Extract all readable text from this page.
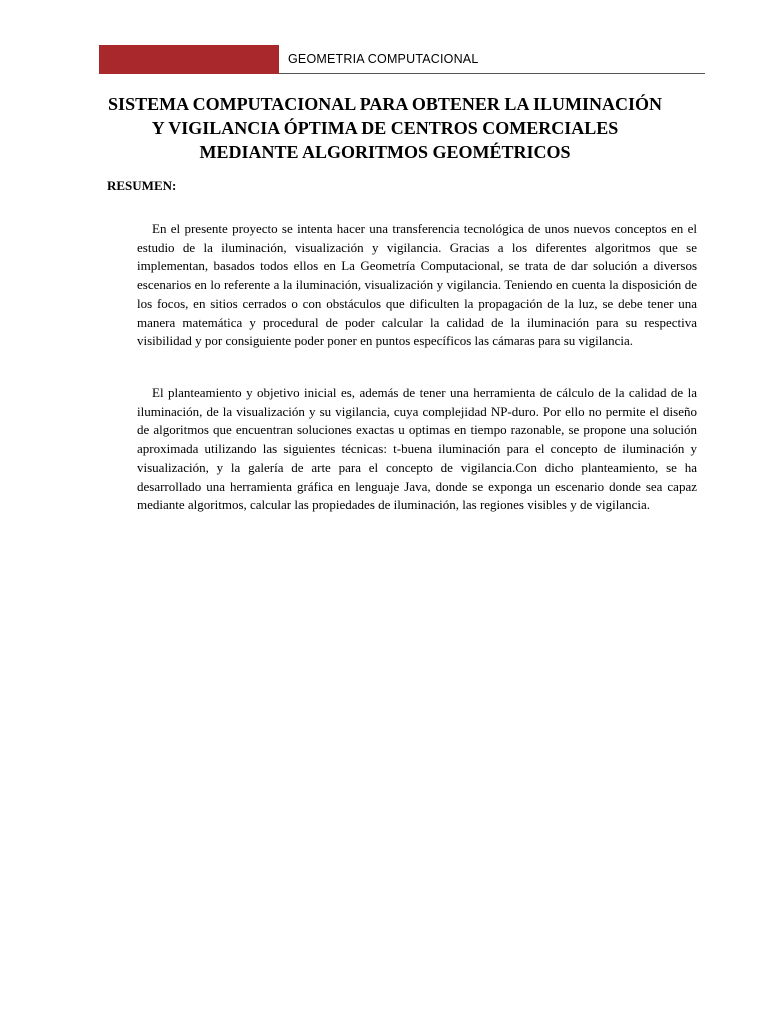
GEOMETRIA COMPUTACIONAL
SISTEMA COMPUTACIONAL PARA OBTENER LA ILUMINACIÓN Y VIGILANCIA ÓPTIMA DE CENTROS COMERCIALES MEDIANTE ALGORITMOS GEOMÉTRICOS
RESUMEN:

En el presente proyecto se intenta hacer una transferencia tecnológica de unos nuevos conceptos en el estudio de la iluminación, visualización y vigilancia. Gracias a los diferentes algoritmos que se implementan, basados todos ellos en La Geometría Computacional, se trata de dar solución a diversos escenarios en lo referente a la iluminación, visualización y vigilancia. Teniendo en cuenta la disposición de los focos, en sitios cerrados o con obstáculos que dificulten la propagación de la luz, se debe tener una manera matemática y procedural de poder calcular la calidad de la iluminación para su respectiva visibilidad y por consiguiente poder poner en puntos específicos las cámaras para su vigilancia.

El planteamiento y objetivo inicial es, además de tener una herramienta de cálculo de la calidad de la iluminación, de la visualización y su vigilancia, cuya complejidad NP-duro. Por ello no permite el diseño de algoritmos que encuentran soluciones exactas u optimas en tiempo razonable, se propone una solución aproximada utilizando las siguientes técnicas: t-buena iluminación para el concepto de iluminación y visualización, y la galería de arte para el concepto de vigilancia.Con dicho planteamiento, se ha desarrollado una herramienta gráfica en lenguaje Java, donde se exponga un escenario donde sea capaz mediante algoritmos, calcular las propiedades de iluminación, las regiones visibles y de vigilancia.
